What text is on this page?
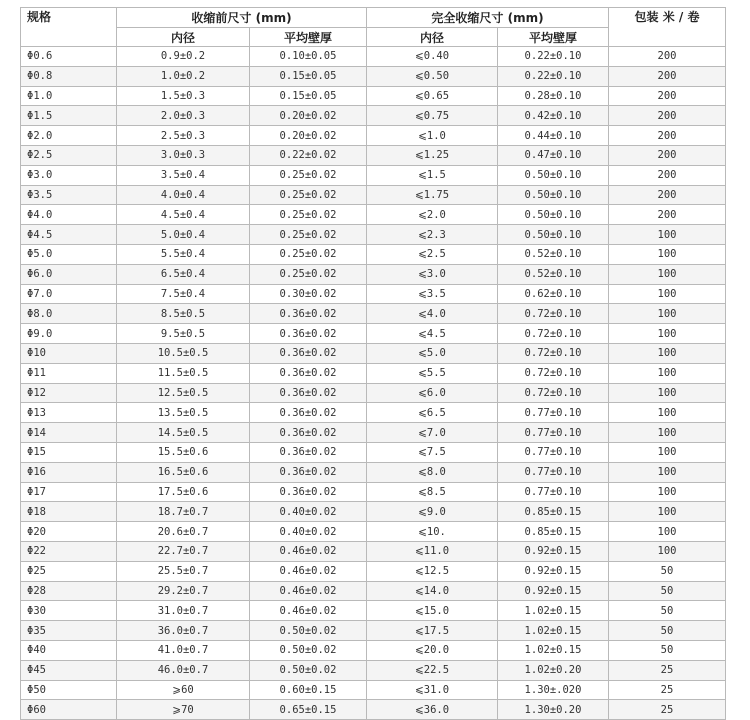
规格	收缩前尺寸 (mm)		完全收缩尺寸 (mm)		包装 米 / 卷
	内径	平均壁厚	内径	平均壁厚	
Φ0.6	0.9±0.2	0.10±0.05	⩽0.40	0.22±0.10	200
Φ0.8	1.0±0.2	0.15±0.05	⩽0.50	0.22±0.10	200
Φ1.0	1.5±0.3	0.15±0.05	⩽0.65	0.28±0.10	200
Φ1.5	2.0±0.3	0.20±0.02	⩽0.75	0.42±0.10	200
Φ2.0	2.5±0.3	0.20±0.02	⩽1.0	0.44±0.10	200
Φ2.5	3.0±0.3	0.22±0.02	⩽1.25	0.47±0.10	200
Φ3.0	3.5±0.4	0.25±0.02	⩽1.5	0.50±0.10	200
Φ3.5	4.0±0.4	0.25±0.02	⩽1.75	0.50±0.10	200
Φ4.0	4.5±0.4	0.25±0.02	⩽2.0	0.50±0.10	200
Φ4.5	5.0±0.4	0.25±0.02	⩽2.3	0.50±0.10	100
Φ5.0	5.5±0.4	0.25±0.02	⩽2.5	0.52±0.10	100
Φ6.0	6.5±0.4	0.25±0.02	⩽3.0	0.52±0.10	100
Φ7.0	7.5±0.4	0.30±0.02	⩽3.5	0.62±0.10	100
Φ8.0	8.5±0.5	0.36±0.02	⩽4.0	0.72±0.10	100
Φ9.0	9.5±0.5	0.36±0.02	⩽4.5	0.72±0.10	100
Φ10	10.5±0.5	0.36±0.02	⩽5.0	0.72±0.10	100
Φ11	11.5±0.5	0.36±0.02	⩽5.5	0.72±0.10	100
Φ12	12.5±0.5	0.36±0.02	⩽6.0	0.72±0.10	100
Φ13	13.5±0.5	0.36±0.02	⩽6.5	0.77±0.10	100
Φ14	14.5±0.5	0.36±0.02	⩽7.0	0.77±0.10	100
Φ15	15.5±0.6	0.36±0.02	⩽7.5	0.77±0.10	100
Φ16	16.5±0.6	0.36±0.02	⩽8.0	0.77±0.10	100
Φ17	17.5±0.6	0.36±0.02	⩽8.5	0.77±0.10	100
Φ18	18.7±0.7	0.40±0.02	⩽9.0	0.85±0.15	100
Φ20	20.6±0.7	0.40±0.02	⩽10.	0.85±0.15	100
Φ22	22.7±0.7	0.46±0.02	⩽11.0	0.92±0.15	100
Φ25	25.5±0.7	0.46±0.02	⩽12.5	0.92±0.15	50
Φ28	29.2±0.7	0.46±0.02	⩽14.0	0.92±0.15	50
Φ30	31.0±0.7	0.46±0.02	⩽15.0	1.02±0.15	50
Φ35	36.0±0.7	0.50±0.02	⩽17.5	1.02±0.15	50
Φ40	41.0±0.7	0.50±0.02	⩽20.0	1.02±0.15	50
Φ45	46.0±0.7	0.50±0.02	⩽22.5	1.02±0.20	25
Φ50	⩾60	0.60±0.15	⩽31.0	1.30±.020	25
Φ60	⩾70	0.65±0.15	⩽36.0	1.30±0.20	25
